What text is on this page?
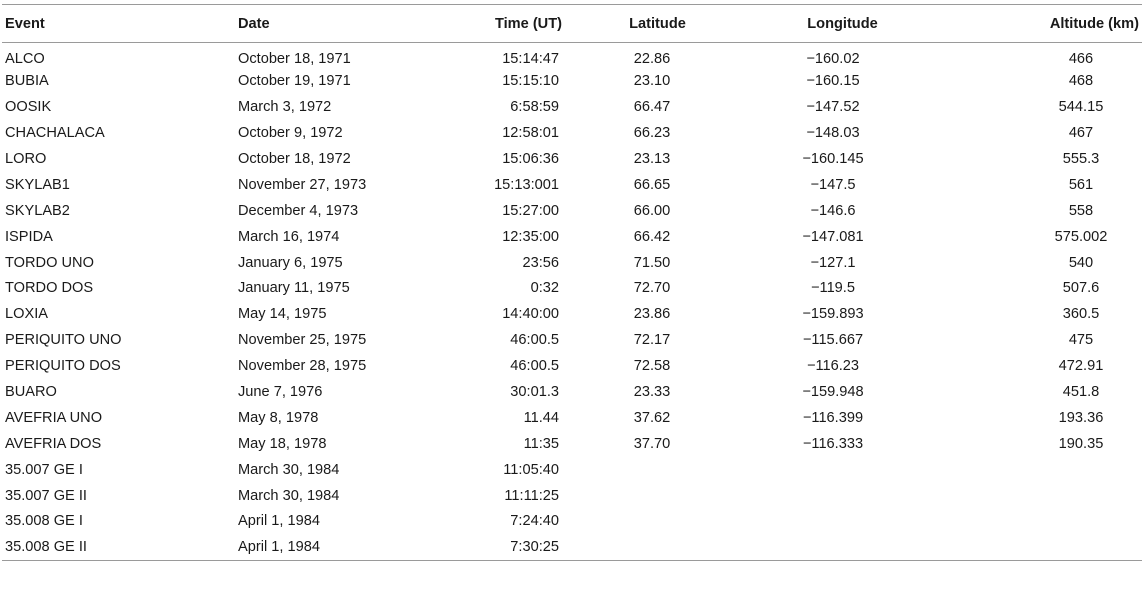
Event	Date	Time (UT)	Latitude	Longitude	Altitude (km)
ALCO	October 18, 1971	15:14:47	22.86	−160.02	466
BUBIA	October 19, 1971	15:15:10	23.10	−160.15	468
OOSIK	March 3, 1972	6:58:59	66.47	−147.52	544.15
CHACHALACA	October 9, 1972	12:58:01	66.23	−148.03	467
LORO	October 18, 1972	15:06:36	23.13	−160.145	555.3
SKYLAB1	November 27, 1973	15:13:001	66.65	−147.5	561
SKYLAB2	December 4, 1973	15:27:00	66.00	−146.6	558
ISPIDA	March 16, 1974	12:35:00	66.42	−147.081	575.002
TORDO UNO	January 6, 1975	23:56	71.50	−127.1	540
TORDO DOS	January 11, 1975	0:32	72.70	−119.5	507.6
LOXIA	May 14, 1975	14:40:00	23.86	−159.893	360.5
PERIQUITO UNO	November 25, 1975	46:00.5	72.17	−115.667	475
PERIQUITO DOS	November 28, 1975	46:00.5	72.58	−116.23	472.91
BUARO	June 7, 1976	30:01.3	23.33	−159.948	451.8
AVEFRIA UNO	May 8, 1978	11.44	37.62	−116.399	193.36
AVEFRIA DOS	May 18, 1978	11:35	37.70	−116.333	190.35
35.007 GE I	March 30, 1984	11:05:40			
35.007 GE II	March 30, 1984	11:11:25			
35.008 GE I	April 1, 1984	7:24:40			
35.008 GE II	April 1, 1984	7:30:25			
